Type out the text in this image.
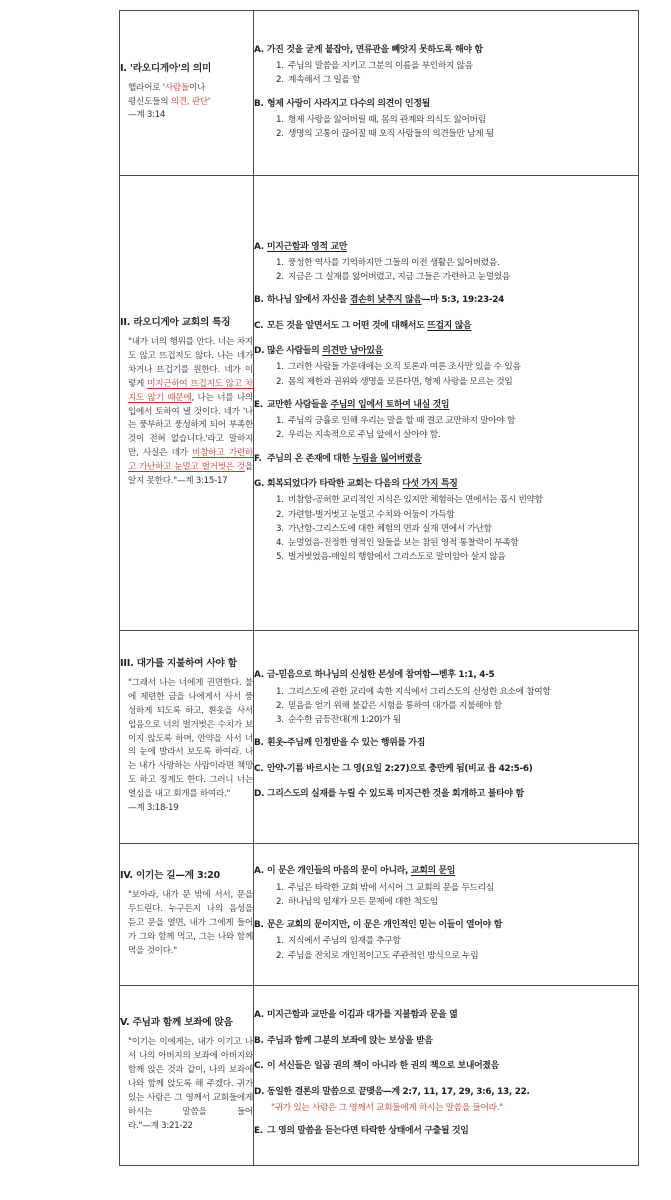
I. '라오디게아'의 의미

헬라어로 '사람들이나
평신도들의 의견, 판단'
—계 3:14

A. 가진 것을 굳게 붙잡아, 면류관을 빼앗지 못하도록 해야 함
1. 주님의 말씀을 지키고 그분의 이름을 부인하지 않음
2. 계속해서 그 일을 함
B. 형제 사랑이 사라지고 다수의 의견이 인정될
1. 형제 사랑을 잃어버릴 때, 몸의 관계와 의식도 잃어버림
2. 생명의 고통이 끊어질 때 오직 사람들의 의견들만 남게 됨

II. 라오디게아 교회의 특징

"내가 너의 행위를 안다. 너는 차지도 않고 뜨겁지도 않다. 나는 네가 차거나 뜨겁기를 원한다. 네가 이렇게 미지근하여 뜨겁지도 않고 차지도 않기 때문에, 나는 너를 나의 입에서 토하여 낼 것이다. 네가 '나는 풍부하고 풍성하게 되어 부족한 것이 전혀 없습니다.'라고 말하지만, 사실은 네가 비참하고 가련하고 가난하고 눈멀고 벌거벗은 것을 알지 못한다."—계 3:15-17

A. 미지근함과 영적 교만
1. 풍성한 역사를 기억하지만 그들의 이전 생활은 잃어버렸음.
2. 지금은 그 실재를 잃어버렸고, 지금 그들은 가련하고 눈멀었음
B. 하나님 앞에서 자신을 겸손히 낮추지 않음—마 5:3, 19:23-24
C. 모든 것을 알면서도 그 어떤 것에 대해서도 뜨겁지 않음
D. 많은 사람들의 의견만 남아있음
1. 그러한 사람들 가운데에는 오직 토론과 여론 조사만 있을 수 있음
2. 몸의 제한과 권위와 생명을 모른다면, 형제 사랑을 모르는 것임
E. 교만한 사람들을 주님의 입에서 토하여 내실 것임
1. 주님의 긍휼로 인해 우리는 말을 할 때 결코 교만하지 말아야 함
2. 우리는 지속적으로 주님 앞에서 살아야 함.
F. 주님의 온 존재에 대한 누림을 잃어버렸음
G. 회복되었다가 타락한 교회는 다음의 다섯 가지 특징
1. 비참함-공허한 교리적인 지식은 있지만 체험하는 면에서는 몹시 빈약함
2. 가련함-벌거벗고 눈멀고 수치와 어둠이 가득함
3. 가난함-그리스도에 대한 체험의 면과 실재 면에서 가난함
4. 눈멀었음-진정한 영적인 일들을 보는 참된 영적 통찰력이 부족함
5. 벌거벗었음-매일의 행함에서 그리스도로 말미암아 살지 않음

III. 대가를 지불하여 사야 함

"그래서 나는 너에게 권면한다. 불에 제련한 금을 나에게서 사서 풍성하게 되도록 하고, 흰옷을 사서 입음으로 너의 벌거벗은 수치가 보이지 않도록 하며, 안약을 사서 너의 눈에 발라서 보도록 하여라. 나는 내가 사랑하는 사람이라면 책망도 하고 징계도 한다. 그러니 너는 열심을 내고 회개를 하여라."
—계 3:18-19

A. 금-믿음으로 하나님의 신성한 본성에 참여함—벧후 1:1, 4-5
1. 그리스도에 관한 교리에 속한 지식에서 그리스도의 신성한 요소에 참여함
2. 믿음을 얻기 위해 불같은 시험을 통하여 대가를 지불해야 함
3. 순수한 금등잔대(계 1:20)가 됨
B. 흰옷-주님께 인정받을 수 있는 행위를 가짐
C. 안약-기름 바르시는 그 영(요일 2:27)으로 충만케 됨(비교 욥 42:5-6)
D. 그리스도의 실재를 누릴 수 있도록 미지근한 것을 회개하고 불타야 함

IV. 이기는 길—계 3:20

"보아라, 내가 문 밖에 서서, 문을 두드린다. 누구든지 나의 음성을 듣고 문을 열면, 내가 그에게 들어가 그와 함께 먹고, 그는 나와 함께 먹을 것이다."

A. 이 문은 개인들의 마음의 문이 아니라, 교회의 문임
1. 주님은 타락한 교회 밖에 서시어 그 교회의 문을 두드리심
2. 하나님의 임재가 모든 문제에 대한 척도임
B. 문은 교회의 문이지만, 이 문은 개인적인 믿는 이들이 열어야 함
1. 지식에서 주님의 임재를 추구함
2. 주님을 잔치로 개인적이고도 주관적인 방식으로 누림

V. 주님과 함께 보좌에 앉음

"이기는 이에게는, 내가 이기고 나서 나의 아버지의 보좌에 아버지와 함께 앉은 것과 같이, 나의 보좌에 나와 함께 앉도록 해 주겠다. 귀가 있는 사람은 그 영께서 교회들에게 하시는 말씀을 들어라."—계 3:21-22

A. 미지근함과 교만을 이김과 대가를 지불함과 문을 엶
B. 주님과 함께 그분의 보좌에 앉는 보상을 받음
C. 이 서신들은 일곱 권의 책이 아니라 한 권의 책으로 보내어졌음
D. 동일한 결론의 말씀으로 끝맺음—계 2:7, 11, 17, 29, 3:6, 13, 22.
"귀가 있는 사람은 그 영께서 교회들에게 하시는 말씀을 들어라."
E. 그 영의 말씀을 듣는다면 타락한 상태에서 구출될 것임
